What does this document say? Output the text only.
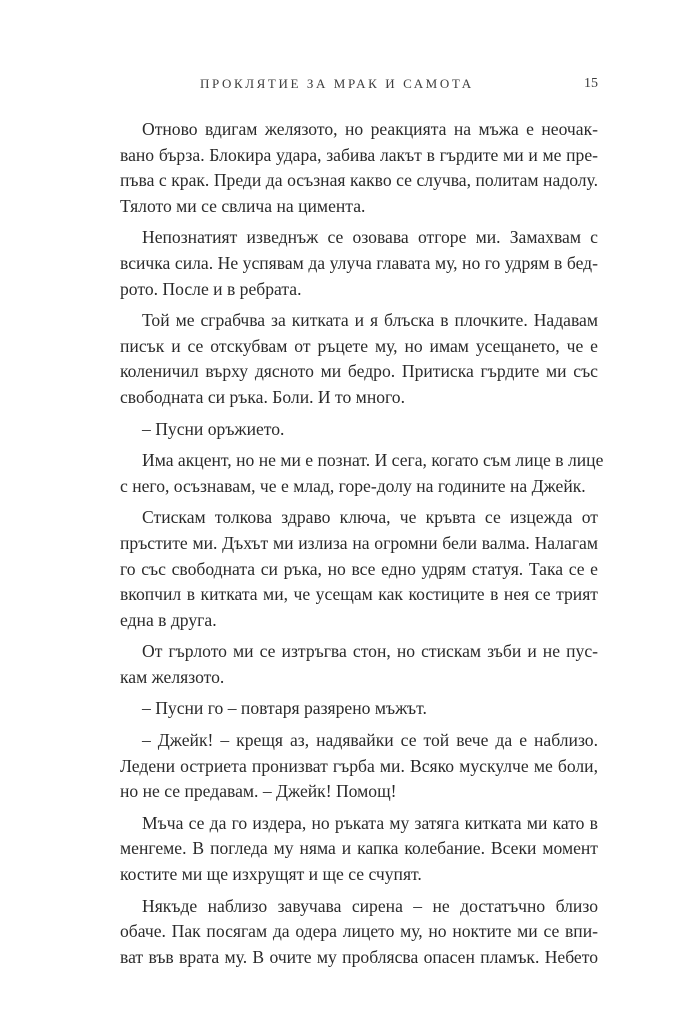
ПРОКЛЯТИЕ ЗА МРАК И САМОТА	15
Отново вдигам желязото, но реакцията на мъжа е неочак-
вано бърза. Блокира удара, забива лакът в гърдите ми и ме пре-
пъва с крак. Преди да осъзная какво се случва, политам надолу.
Тялото ми се свлича на цимента.
Непознатият изведнъж се озовава отгоре ми. Замахвам с
всичка сила. Не успявам да улуча главата му, но го удрям в бед-
рото. После и в ребрата.
Той ме сграбчва за китката и я блъска в плочките. Надавам
писък и се отскубвам от ръцете му, но имам усещането, че е
коленичил върху дясното ми бедро. Притиска гърдите ми със
свободната си ръка. Боли. И то много.
– Пусни оръжието.
Има акцент, но не ми е познат. И сега, когато съм лице в лице
с него, осъзнавам, че е млад, горе-долу на годините на Джейк.
Стискам толкова здраво ключа, че кръвта се изцежда от
пръстите ми. Дъхът ми излиза на огромни бели валма. Налагам
го със свободната си ръка, но все едно удрям статуя. Така се е
вкопчил в китката ми, че усещам как костиците в нея се трият
една в друга.
От гърлото ми се изтръгва стон, но стискам зъби и не пус-
кам желязото.
– Пусни го – повтаря разярено мъжът.
– Джейк! – крещя аз, надявайки се той вече да е наблизо.
Ледени остриета пронизват гърба ми. Всяко мускулче ме боли,
но не се предавам. – Джейк! Помощ!
Мъча се да го издера, но ръката му затяга китката ми като в
менгеме. В погледа му няма и капка колебание. Всеки момент
костите ми ще изхрущят и ще се счупят.
Някъде наблизо завучава сирена – не достатъчно близо
обаче. Пак посягам да одера лицето му, но ноктите ми се впи-
ват във врата му. В очите му проблясва опасен пламък. Небето
